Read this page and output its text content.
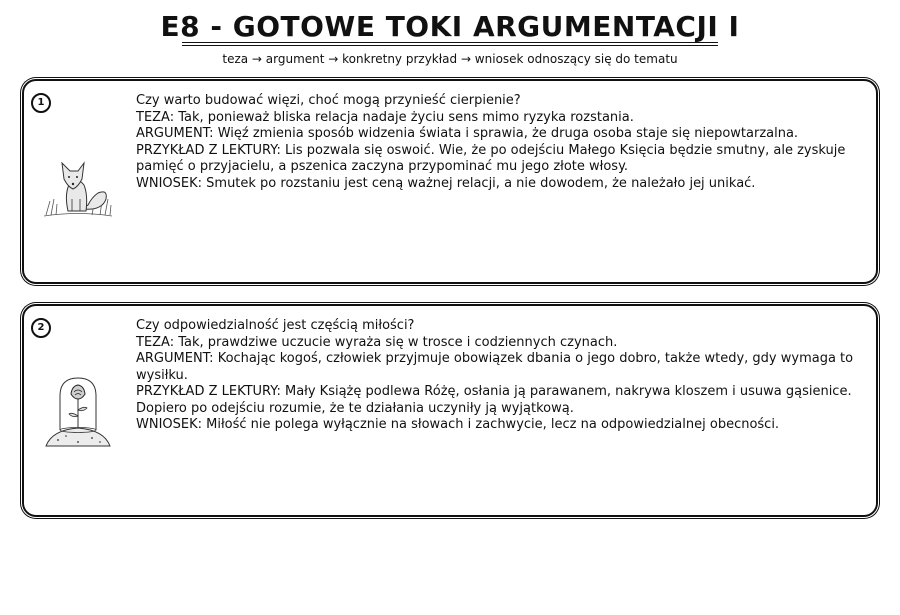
E8 - GOTOWE TOKI ARGUMENTACJI I
teza → argument → konkretny przykład → wniosek odnoszący się do tematu
1	Czy warto budować więzi, choć mogą przynieść cierpienie?

TEZA: Tak, ponieważ bliska relacja nadaje życiu sens mimo ryzyka rozstania.

ARGUMENT: Więź zmienia sposób widzenia świata i sprawia, że druga osoba staje się niepowtarzalna.

PRZYKŁAD Z LEKTURY: Lis pozwala się oswoić. Wie, że po odejściu Małego Księcia będzie smutny, ale zyskuje pamięć o przyjacielu, a pszenica zaczyna przypominać mu jego złote włosy.

WNIOSEK: Smutek po rozstaniu jest ceną ważnej relacji, a nie dowodem, że należało jej unikać.

2	Czy odpowiedzialność jest częścią miłości?

TEZA: Tak, prawdziwe uczucie wyraża się w trosce i codziennych czynach.

ARGUMENT: Kochając kogoś, człowiek przyjmuje obowiązek dbania o jego dobro, także wtedy, gdy wymaga to wysiłku.

PRZYKŁAD Z LEKTURY: Mały Książę podlewa Różę, osłania ją parawanem, nakrywa kloszem i usuwa gąsienice. Dopiero po odejściu rozumie, że te działania uczyniły ją wyjątkową.

WNIOSEK: Miłość nie polega wyłącznie na słowach i zachwycie, lecz na odpowiedzialnej obecności.
